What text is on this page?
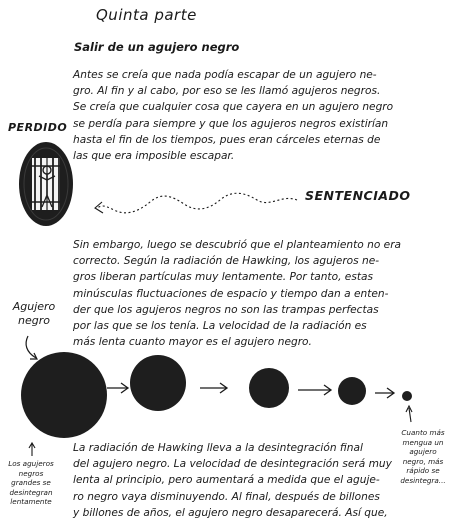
Quinta parte
Salir de un agujero negro

Antes se creía que nada podía escapar de un agujero ne-

gro. Al fin y al cabo, por eso se les llamó agujeros negros.

Se creía que cualquier cosa que cayera en un agujero negro

se perdía para siempre y que los agujeros negros existirían

hasta el fin de los tiempos, pues eran cárceles eternas de

las que era imposible escapar.

Sin embargo, luego se descubrió que el planteamiento no era

correcto. Según la radiación de Hawking, los agujeros ne-

gros liberan partículas muy lentamente. Por tanto, estas

minúsculas fluctuaciones de espacio y tiempo dan a enten-

der que los agujeros negros no son las trampas perfectas

por las que se los tenía. La velocidad de la radiación es

más lenta cuanto mayor es el agujero negro.

La radiación de Hawking lleva a la desintegración final

del agujero negro. La velocidad de desintegración será muy

lenta al principio, pero aumentará a medida que el aguje-

ro negro vaya disminuyendo. Al final, después de billones

y billones de años, el agujero negro desaparecerá. Así que,

PERDIDO
SENTENCIADO
Agujero negro
Los agujeros negros grandes se desintegran lentamente
Cuanto más mengua un agujero negro, más rápido se desintegra...
